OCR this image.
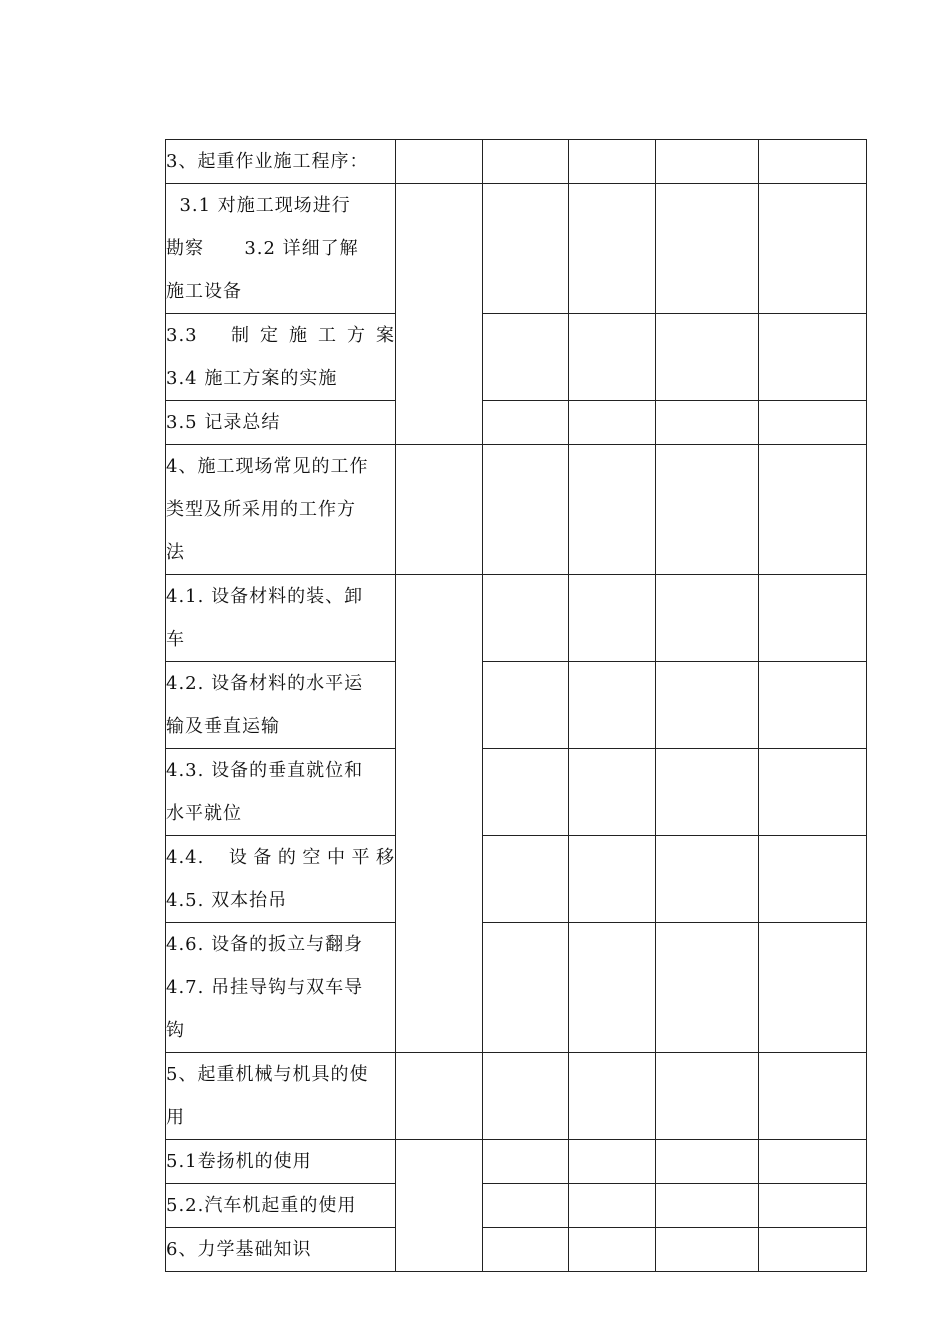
3、起重作业施工程序：					

3.1 对施工现场进行
勘察      3.2 详细了解
施工设备					

3.3  制定施工方案
3.4 施工方案的实施					

3.5 记录总结					

4、施工现场常见的工作
类型及所采用的工作方
法					

4.1. 设备材料的装、卸
车					

4.2. 设备材料的水平运
输及垂直运输					

4.3. 设备的垂直就位和
水平就位					

4.4.  设备的空中平移
4.5. 双本抬吊					

4.6. 设备的扳立与翻身
4.7. 吊挂导钩与双车导
钩					

5、起重机械与机具的使
用					

5.1卷扬机的使用					

5.2.汽车机起重的使用					

6、力学基础知识					
